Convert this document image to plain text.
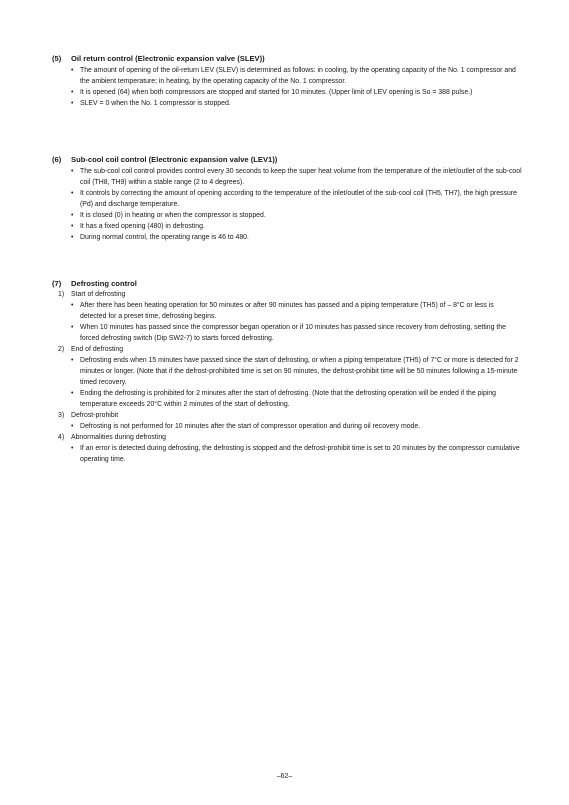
(5) Oil return control (Electronic expansion valve (SLEV))
• The amount of opening of the oil-return LEV (SLEV) is determined as follows: in cooling, by the operating capacity of the No. 1 compressor and the ambient temperature; in heating, by the operating capacity of the No. 1 compressor.
• It is opened (64) when both compressors are stopped and started for 10 minutes. (Upper limit of LEV opening is So = 388 pulse.)
• SLEV = 0 when the No. 1 compressor is stopped.
(6) Sub-cool coil control (Electronic expansion valve (LEV1))
• The sub-cool coil control provides control every 30 seconds to keep the super heat volume from the temperature of the inlet/outlet of the sub-cool coil (TH8, TH9) within a stable range (2 to 4 degrees).
• It controls by correcting the amount of opening according to the temperature of the inlet/outlet of the sub-cool coil (TH5, TH7), the high pressure (Pd) and discharge temperature.
• It is closed (0) in heating or when the compressor is stopped.
• It has a fixed opening (480) in defrosting.
• During normal control, the operating range is 46 to 480.
(7) Defrosting control
1) Start of defrosting
• After there has been heating operation for 50 minutes or after 90 minutes has passed and a piping temperature (TH5) of – 8°C or less is detected for a preset time, defrosting begins.
• When 10 minutes has passed since the compressor began operation or if 10 minutes has passed since recovery from defrosting, setting the forced defrosting switch (Dip SW2-7) to starts forced defrosting.
2) End of defrosting
• Defrosting ends when 15 minutes have passed since the start of defrosting, or when a piping temperature (TH5) of 7°C or more is detected for 2 minutes or longer. (Note that if the defrost-prohibited time is set on 90 minutes, the defrost-prohibit time will be 50 minutes following a 15-minute timed recovery.
• Ending the defrosting is prohibited for 2 minutes after the start of defrosting. (Note that the defrosting operation will be ended if the piping temperature exceeds 20°C within 2 minutes of the start of defrosting.
3) Defrost-prohibit
• Defrosting is not performed for 10 minutes after the start of compressor operation and during oil recovery mode.
4) Abnormalities during defrosting
• If an error is detected during defrosting, the defrosting is stopped and the defrost-prohibit time is set to 20 minutes by the compressor cumulative operating time.
–62–
